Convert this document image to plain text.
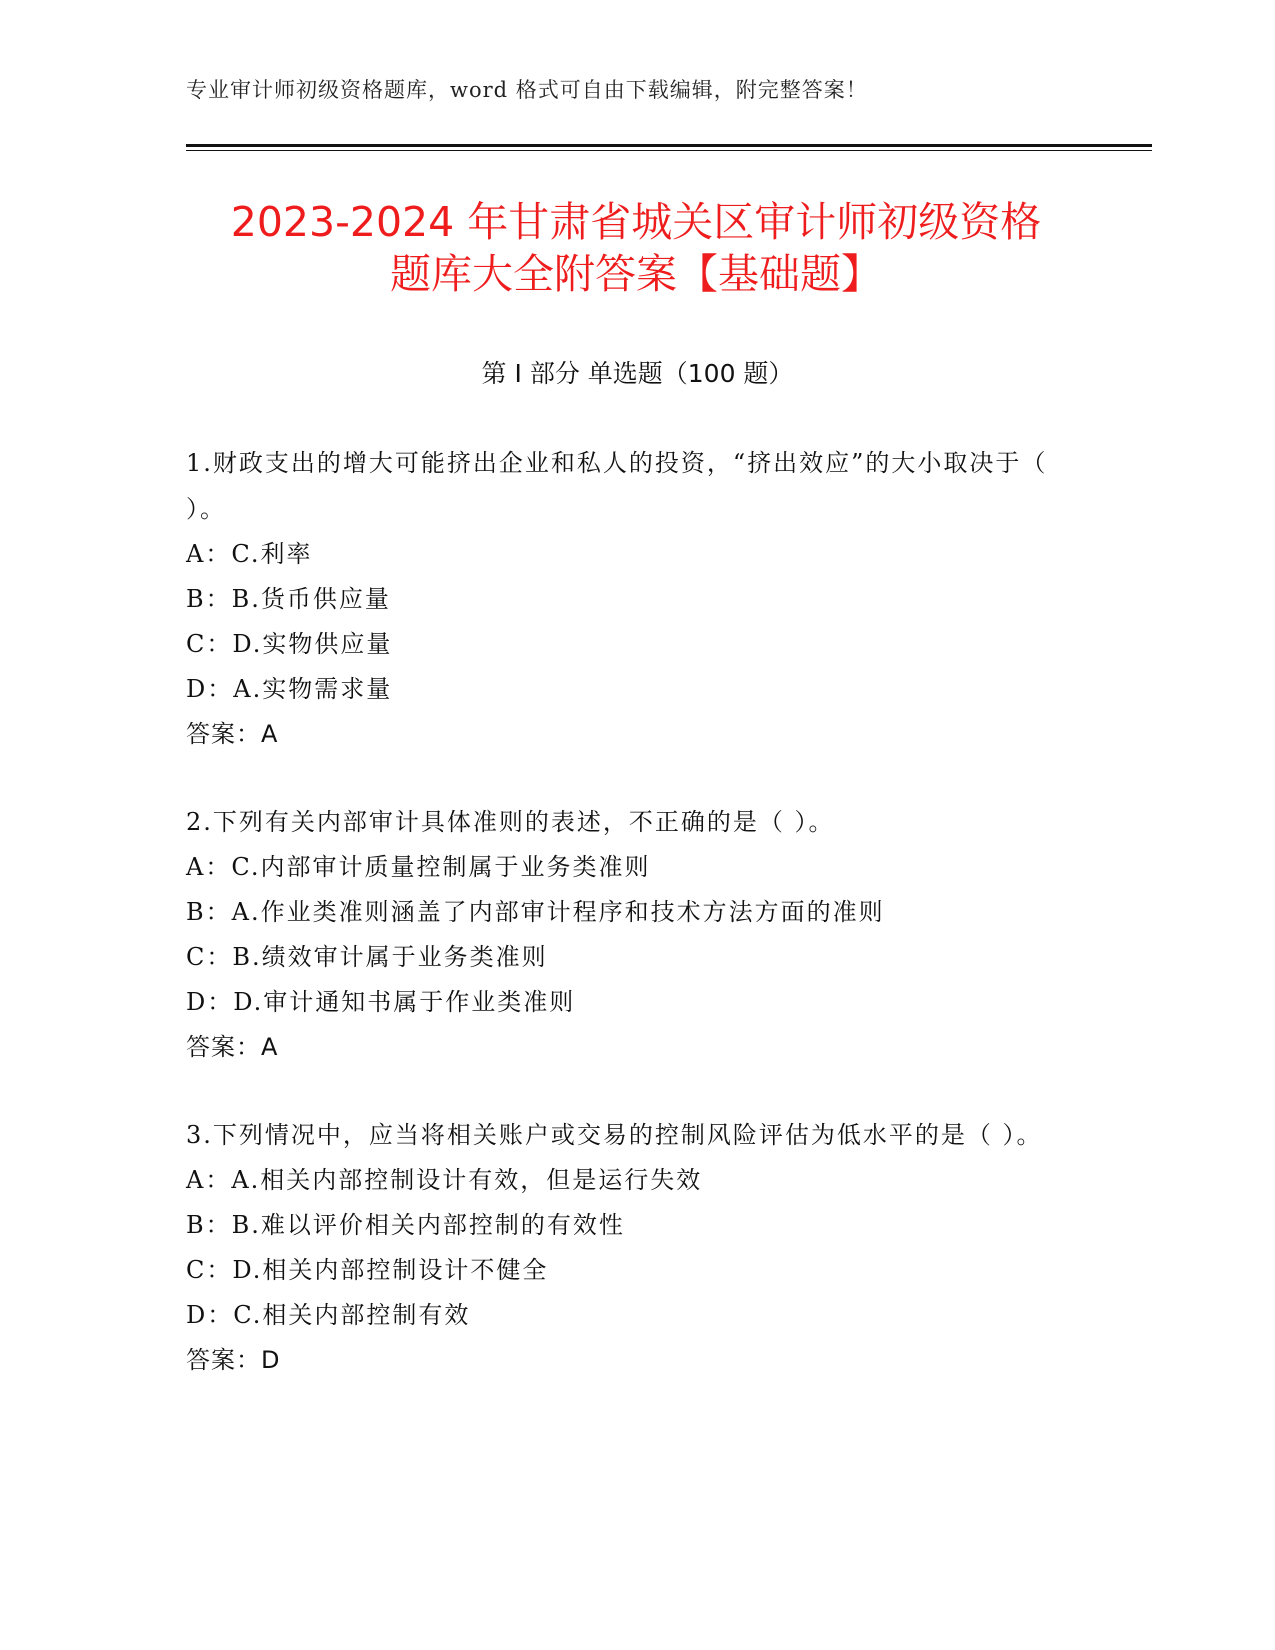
专业审计师初级资格题库，word 格式可自由下载编辑，附完整答案！
2023-2024 年甘肃省城关区审计师初级资格
题库大全附答案【基础题】
第 I 部分 单选题（100 题）

1.财政支出的增大可能挤出企业和私人的投资，“挤出效应”的大小取决于（ ）。

A：C.利率

B：B.货币供应量

C：D.实物供应量

D：A.实物需求量

答案：A

2.下列有关内部审计具体准则的表述，不正确的是（ ）。

A：C.内部审计质量控制属于业务类准则

B：A.作业类准则涵盖了内部审计程序和技术方法方面的准则

C：B.绩效审计属于业务类准则

D：D.审计通知书属于作业类准则

答案：A

3.下列情况中，应当将相关账户或交易的控制风险评估为低水平的是（ ）。

A：A.相关内部控制设计有效，但是运行失效

B：B.难以评价相关内部控制的有效性

C：D.相关内部控制设计不健全

D：C.相关内部控制有效

答案：D
